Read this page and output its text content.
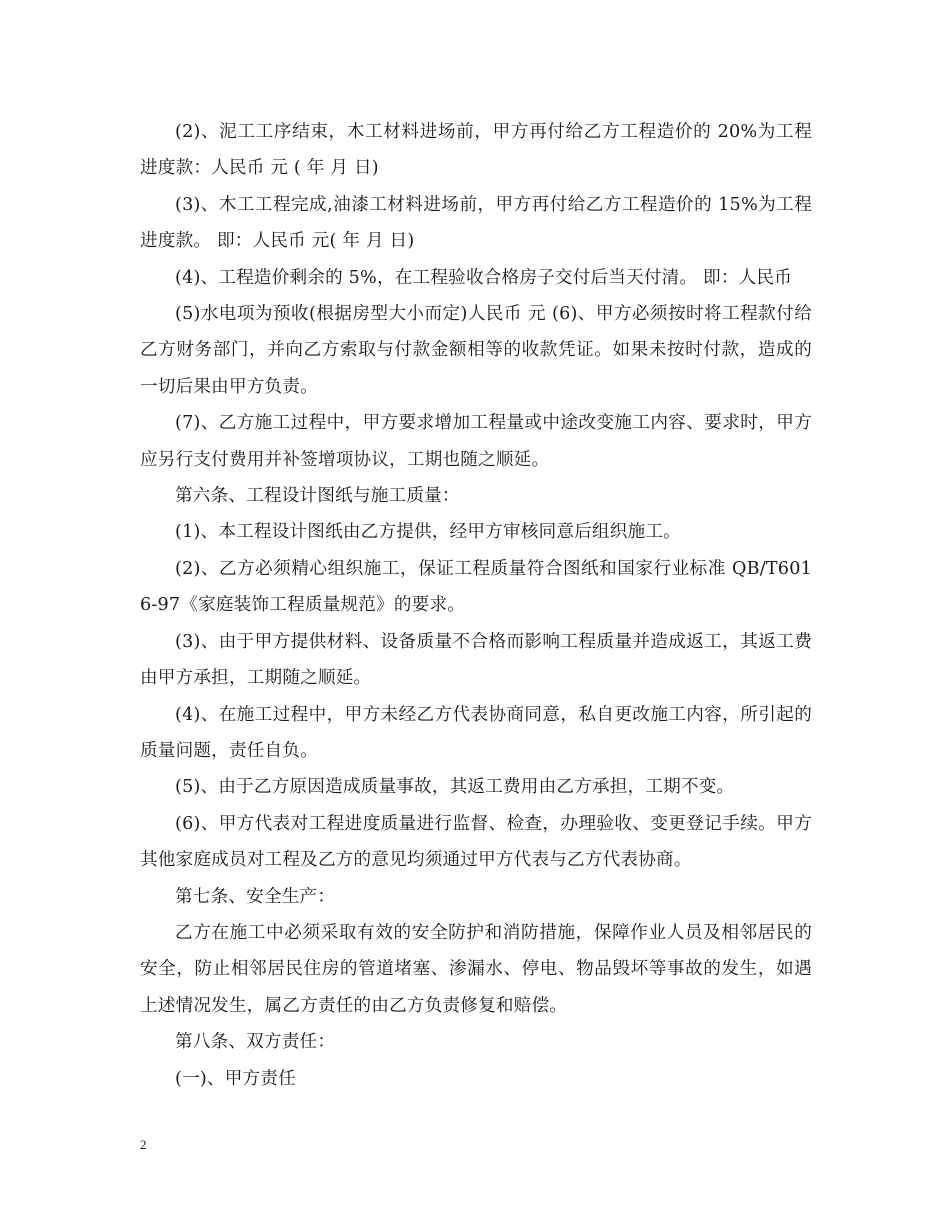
(2)、泥工工序结束，木工材料进场前，甲方再付给乙方工程造价的 20%为工程进度款：人民币 元 ( 年 月 日)

(3)、木工工程完成,油漆工材料进场前，甲方再付给乙方工程造价的 15%为工程进度款。 即：人民币 元( 年 月 日)

(4)、工程造价剩余的 5%，在工程验收合格房子交付后当天付清。 即：人民币

(5)水电项为预收(根据房型大小而定)人民币 元 (6)、甲方必须按时将工程款付给乙方财务部门，并向乙方索取与付款金额相等的收款凭证。如果未按时付款，造成的一切后果由甲方负责。

(7)、乙方施工过程中，甲方要求增加工程量或中途改变施工内容、要求时，甲方应另行支付费用并补签增项协议，工期也随之顺延。

第六条、工程设计图纸与施工质量：

(1)、本工程设计图纸由乙方提供，经甲方审核同意后组织施工。

(2)、乙方必须精心组织施工，保证工程质量符合图纸和国家行业标准 QB/T6016-97《家庭装饰工程质量规范》的要求。

(3)、由于甲方提供材料、设备质量不合格而影响工程质量并造成返工，其返工费由甲方承担，工期随之顺延。

(4)、在施工过程中，甲方未经乙方代表协商同意，私自更改施工内容，所引起的质量问题，责任自负。

(5)、由于乙方原因造成质量事故，其返工费用由乙方承担，工期不变。

(6)、甲方代表对工程进度质量进行监督、检查，办理验收、变更登记手续。甲方其他家庭成员对工程及乙方的意见均须通过甲方代表与乙方代表协商。

第七条、安全生产：

乙方在施工中必须采取有效的安全防护和消防措施，保障作业人员及相邻居民的安全，防止相邻居民住房的管道堵塞、渗漏水、停电、物品毁坏等事故的发生，如遇上述情况发生，属乙方责任的由乙方负责修复和赔偿。

第八条、双方责任：

(一)、甲方责任

2
